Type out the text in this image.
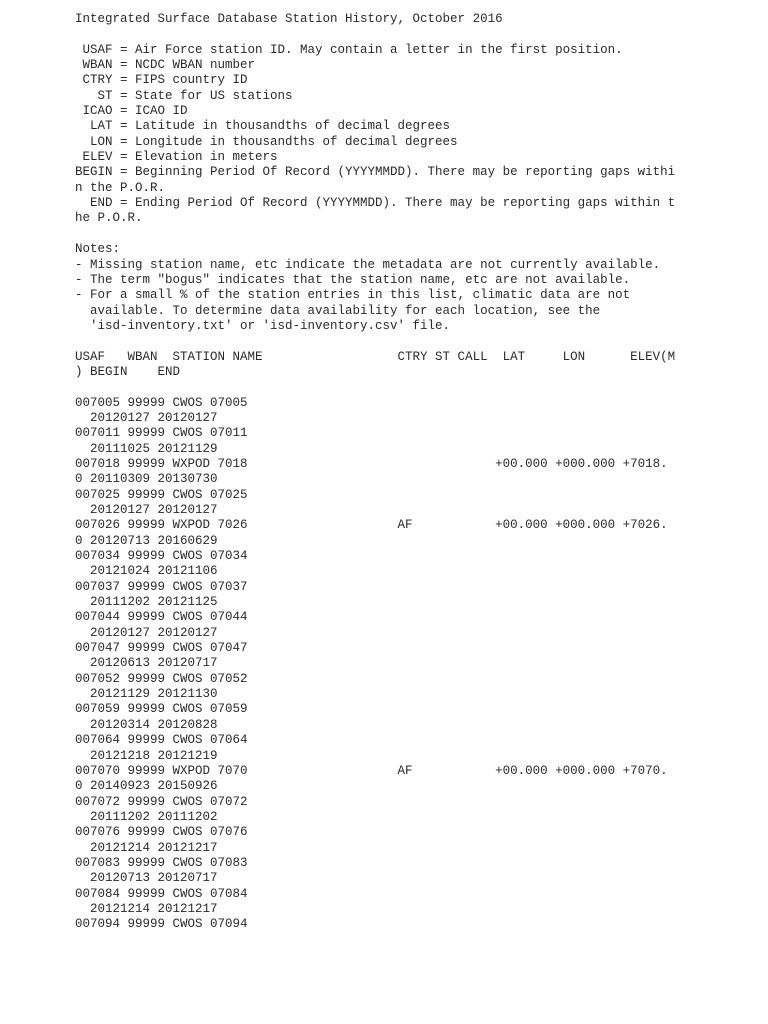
Integrated Surface Database Station History, October 2016

USAF = Air Force station ID. May contain a letter in the first position.
WBAN = NCDC WBAN number
CTRY = FIPS country ID
ST = State for US stations
ICAO = ICAO ID
LAT = Latitude in thousandths of decimal degrees
LON = Longitude in thousandths of decimal degrees
ELEV = Elevation in meters
BEGIN = Beginning Period Of Record (YYYYMMDD). There may be reporting gaps withi
n the P.O.R.
END = Ending Period Of Record (YYYYMMDD). There may be reporting gaps within t
he P.O.R.

Notes:
- Missing station name, etc indicate the metadata are not currently available.
- The term "bogus" indicates that the station name, etc are not available.
- For a small % of the station entries in this list, climatic data are not
available. To determine data availability for each location, see the
'isd-inventory.txt' or 'isd-inventory.csv' file.

USAF   WBAN  STATION NAME                  CTRY ST CALL  LAT     LON      ELEV(M
) BEGIN    END

007005 99999 CWOS 07005
20120127 20120127
007011 99999 CWOS 07011
20111025 20121129
007018 99999 WXPOD 7018                                 +00.000 +000.000 +7018.
0 20110309 20130730
007025 99999 CWOS 07025
20120127 20120127
007026 99999 WXPOD 7026                    AF           +00.000 +000.000 +7026.
0 20120713 20160629
007034 99999 CWOS 07034
20121024 20121106
007037 99999 CWOS 07037
20111202 20121125
007044 99999 CWOS 07044
20120127 20120127
007047 99999 CWOS 07047
20120613 20120717
007052 99999 CWOS 07052
20121129 20121130
007059 99999 CWOS 07059
20120314 20120828
007064 99999 CWOS 07064
20121218 20121219
007070 99999 WXPOD 7070                    AF           +00.000 +000.000 +7070.
0 20140923 20150926
007072 99999 CWOS 07072
20111202 20111202
007076 99999 CWOS 07076
20121214 20121217
007083 99999 CWOS 07083
20120713 20120717
007084 99999 CWOS 07084
20121214 20121217
007094 99999 CWOS 07094
